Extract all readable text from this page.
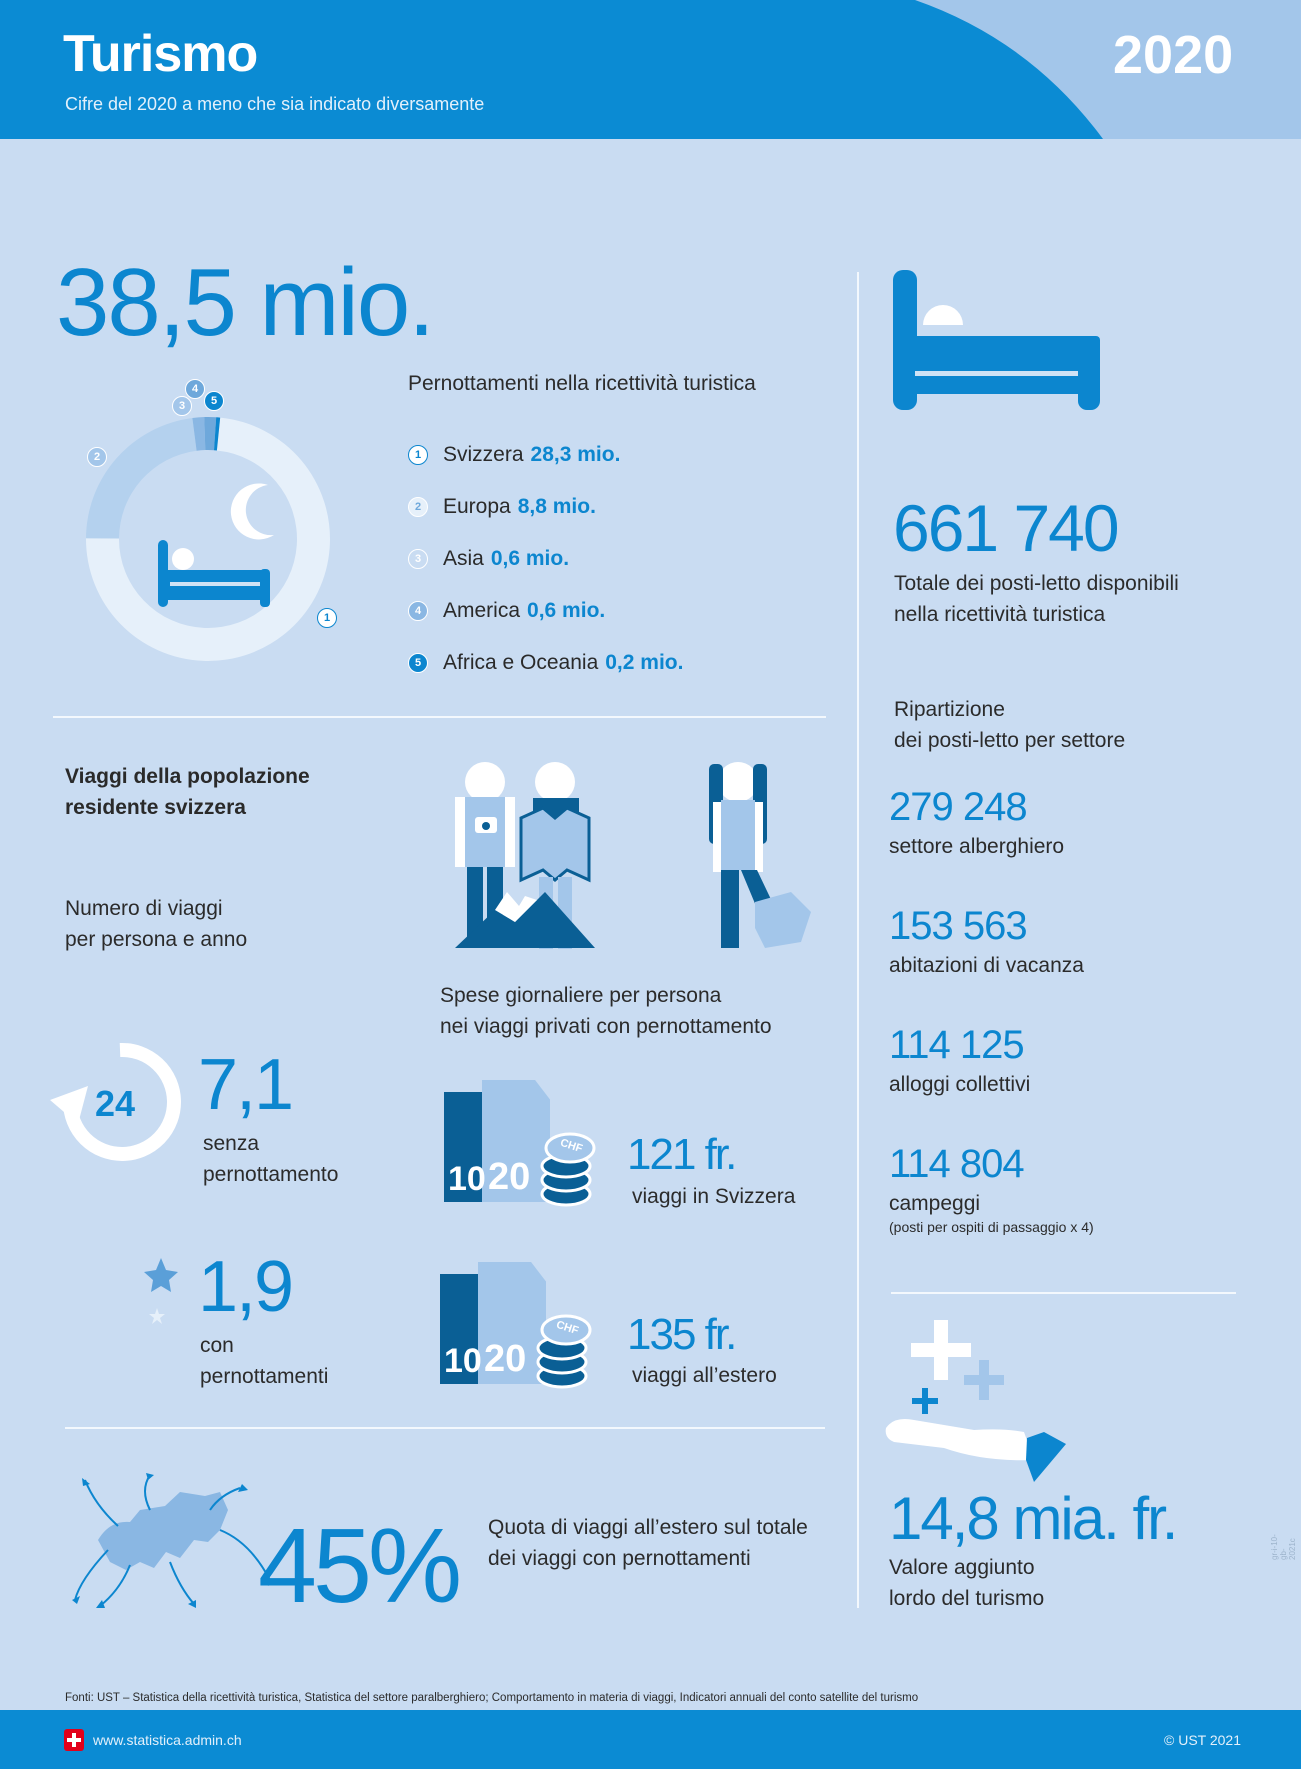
Turismo
Cifre del 2020 a meno che sia indicato diversamente
2020
38,5 mio.
Pernottamenti nella ricettività turistica
2
3
4
5
1
1	Svizzera 28,3 mio.
2	Europa 8,8 mio.
3	Asia 0,6 mio.
4	America 0,6 mio.
5	Africa e Oceania 0,2 mio.
661 740
Totale dei posti-letto disponibili
nella ricettività turistica
Ripartizione
dei posti-letto per settore
279 248
settore alberghiero
153 563
abitazioni di vacanza
114 125
alloggi collettivi
114 804
campeggi
(posti per ospiti di passaggio x 4)
14,8 mia. fr.
Valore aggiunto
lordo del turismo
Viaggi della popolazione
residente svizzera
Numero di viaggi
per persona e anno
Spese giornaliere per persona
nei viaggi privati con pernottamento
24 7,1
senza
pernottamento
1,9
con
pernottamenti
10 20
CHF 121 fr.
viaggi in Svizzera
10 20
CHF 135 fr.
viaggi all’estero
45% Quota di viaggi all’estero sul totale
dei viaggi con pernottamenti
Fonti: UST – Statistica della ricettività turistica, Statistica del settore paralberghiero; Comportamento in materia di viaggi, Indicatori annuali del conto satellite del turismo
gr-i-10-gb-2021c
www.statistica.admin.ch	© UST 2021
